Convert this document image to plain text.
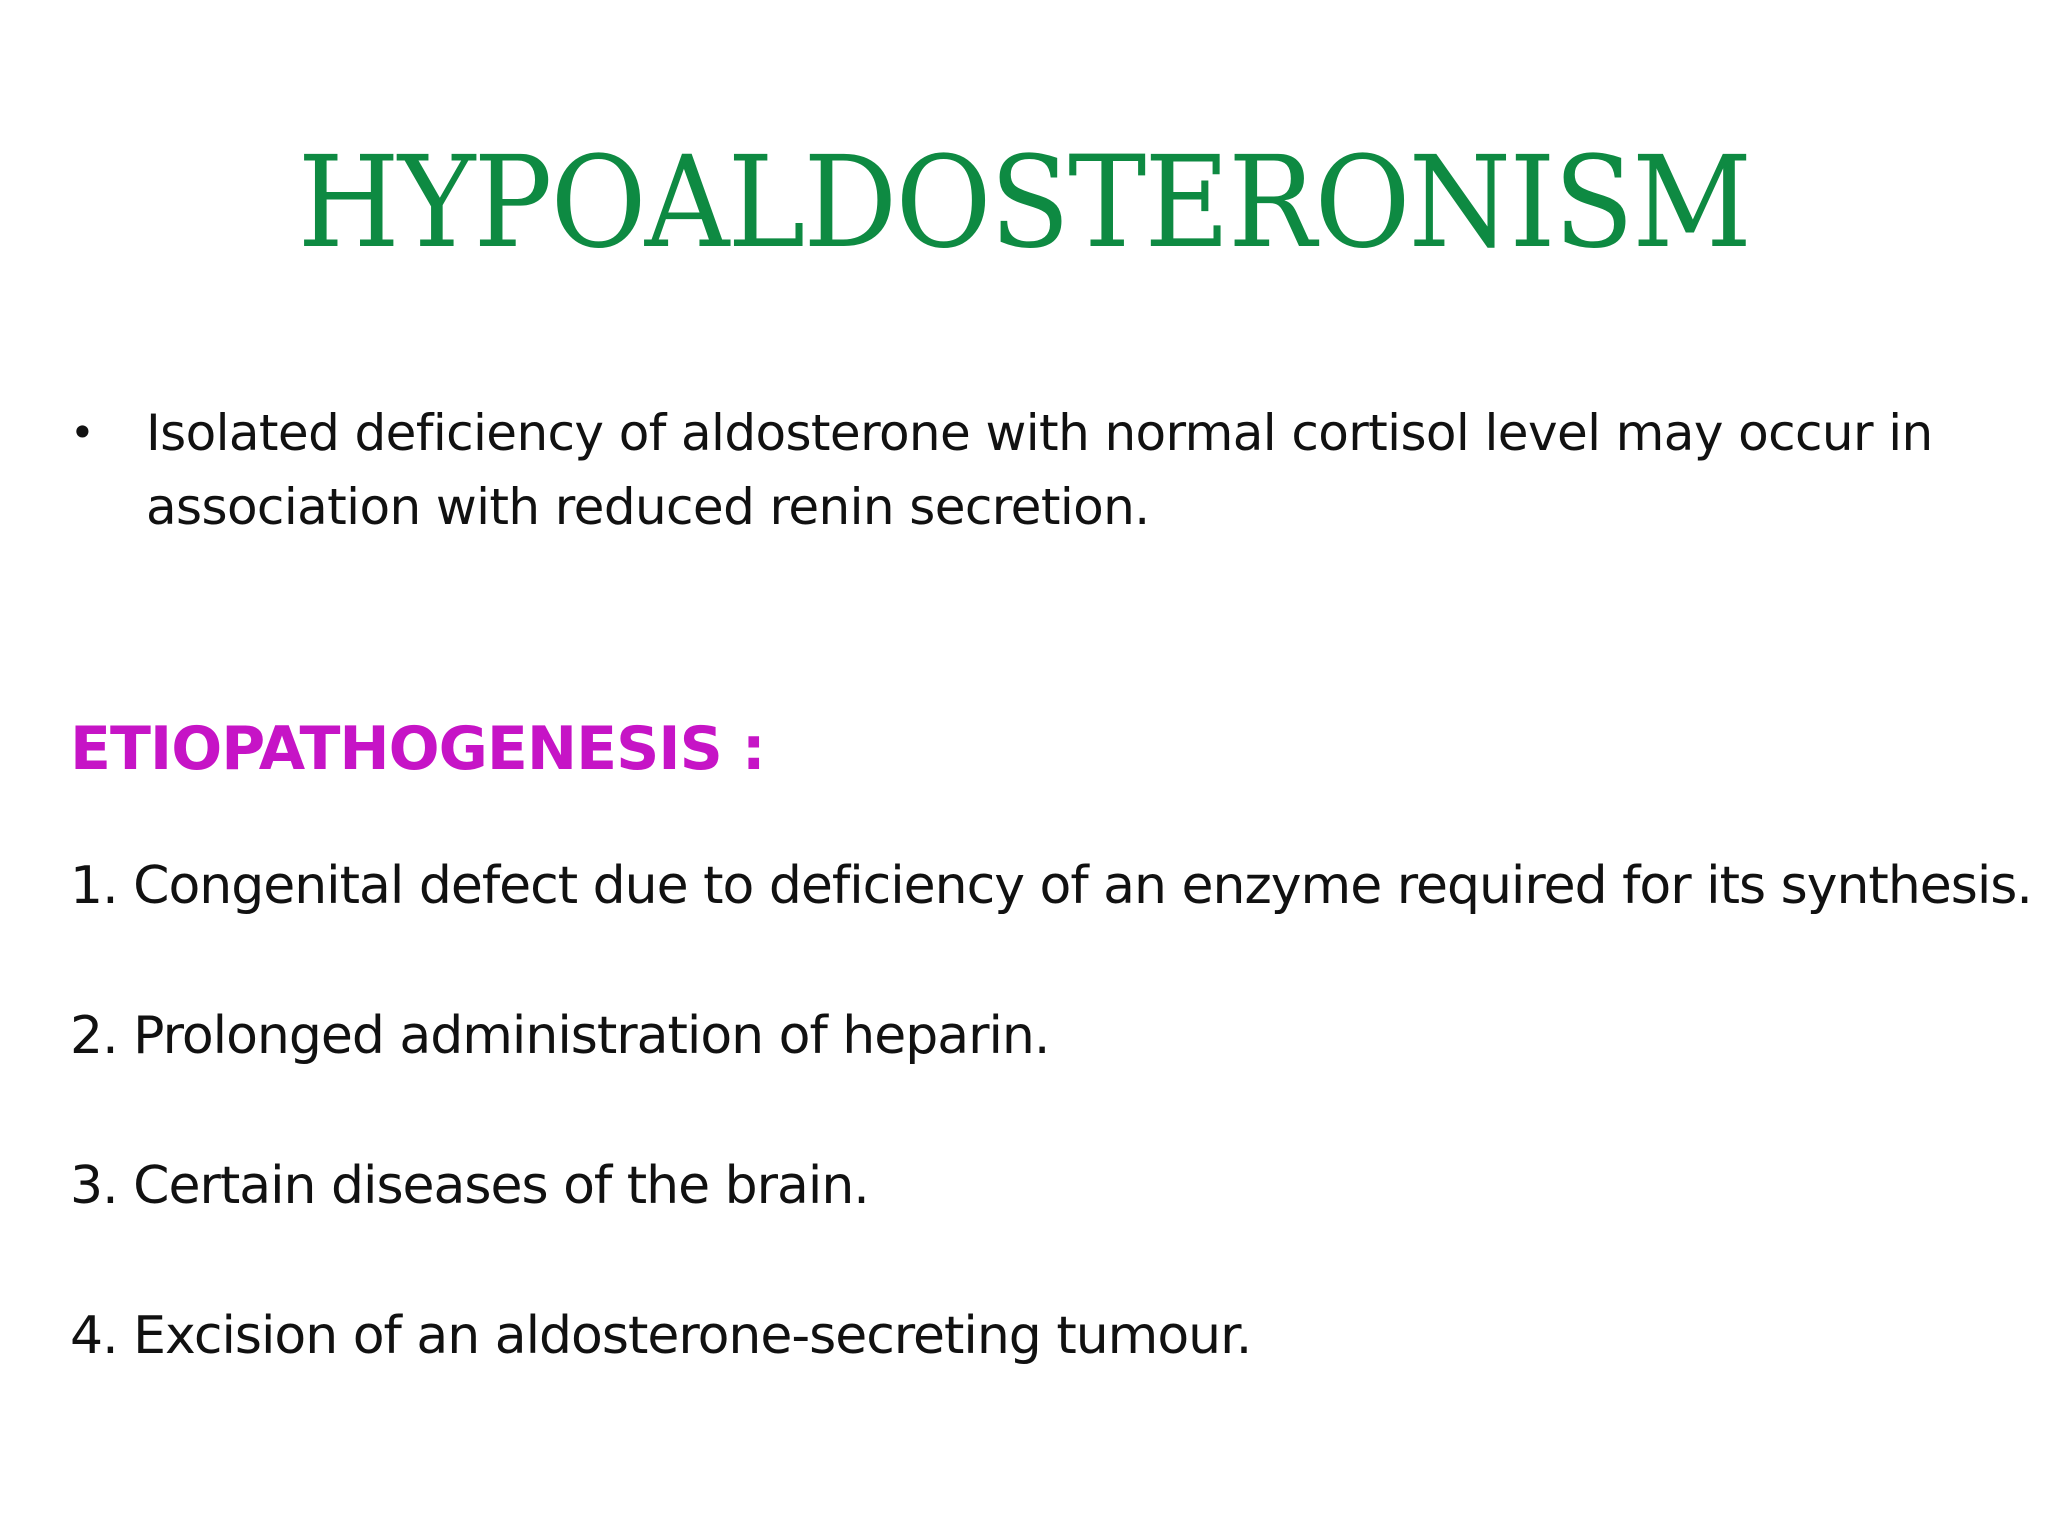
HYPOALDOSTERONISM
•	Isolated deficiency of aldosterone with normal cortisol level may occur in association with reduced renin secretion.
ETIOPATHOGENESIS :
1. Congenital defect due to deficiency of an enzyme required for its synthesis.
2. Prolonged administration of heparin.
3. Certain diseases of the brain.
4. Excision of an aldosterone-secreting tumour.
